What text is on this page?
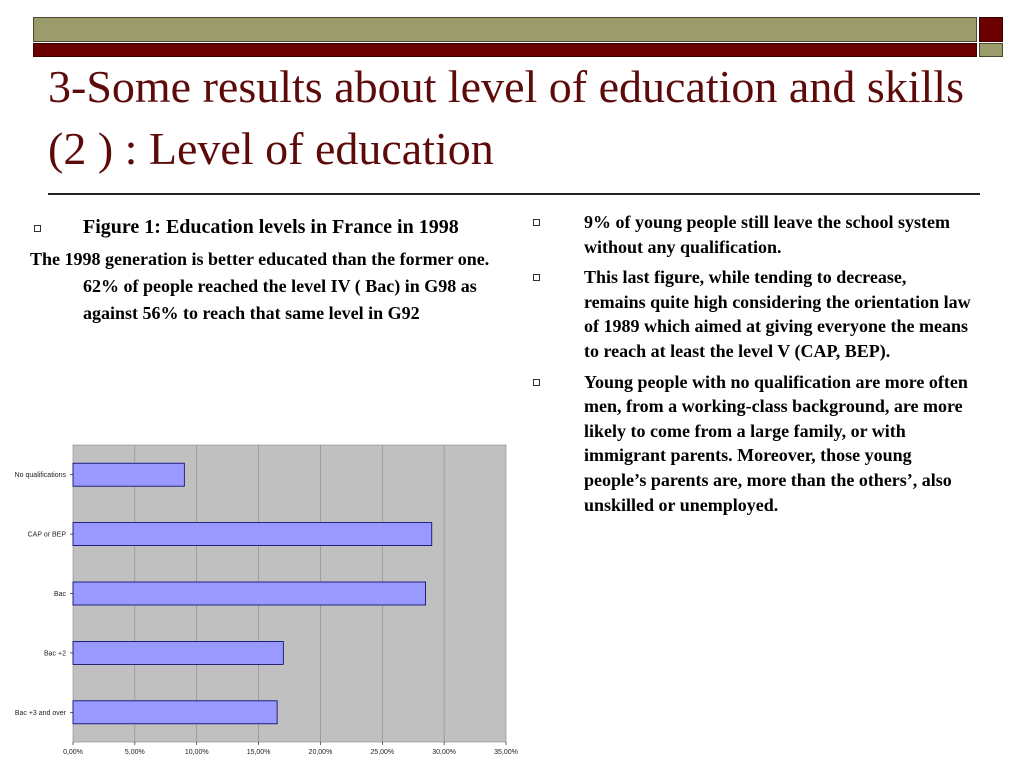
3-Some results about level of education and skills (2 ) : Level of education
Figure 1: Education levels in France in 1998
The 1998 generation is better educated than the former one. 62% of people reached the level IV ( Bac) in G98 as against 56% to reach that same level in G92
9% of young people still leave the school system without any qualification.
This last figure, while tending to decrease, remains quite high considering the orientation law of 1989 which aimed at giving everyone the means to reach at least the level V (CAP, BEP).
Young people with no qualification are more often men, from a working-class background, are more likely to come from a large family, or with immigrant parents. Moreover, those young people’s parents are, more than the others’, also unskilled or unemployed.
0,00%	5,00%	10,00%	15,00%	20,00%	25,00%	30,00%	35,00%
No qualifications
CAP or BEP
Bac
Bac +2
Bac +3 and over
